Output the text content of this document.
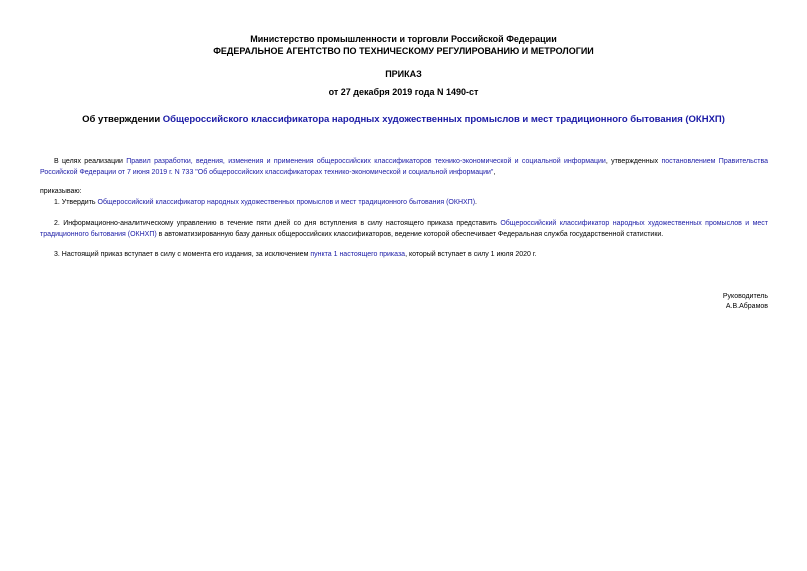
Министерство промышленности и торговли Российской Федерации
ФЕДЕРАЛЬНОЕ АГЕНТСТВО ПО ТЕХНИЧЕСКОМУ РЕГУЛИРОВАНИЮ И МЕТРОЛОГИИ
ПРИКАЗ
от 27 декабря 2019 года N 1490-ст
Об утверждении Общероссийского классификатора народных художественных промыслов и мест традиционного бытования (ОКНХП)
В целях реализации Правил разработки, ведения, изменения и применения общероссийских классификаторов технико-экономической и социальной информации, утвержденных постановлением Правительства Российской Федерации от 7 июня 2019 г. N 733 "Об общероссийских классификаторах технико-экономической и социальной информации",
приказываю:
1. Утвердить Общероссийский классификатор народных художественных промыслов и мест традиционного бытования (ОКНХП).
2. Информационно-аналитическому управлению в течение пяти дней со дня вступления в силу настоящего приказа представить Общероссийский классификатор народных художественных промыслов и мест традиционного бытования (ОКНХП) в автоматизированную базу данных общероссийских классификаторов, ведение которой обеспечивает Федеральная служба государственной статистики.
3. Настоящий приказ вступает в силу с момента его издания, за исключением пункта 1 настоящего приказа, который вступает в силу 1 июля 2020 г.
Руководитель
А.В.Абрамов
